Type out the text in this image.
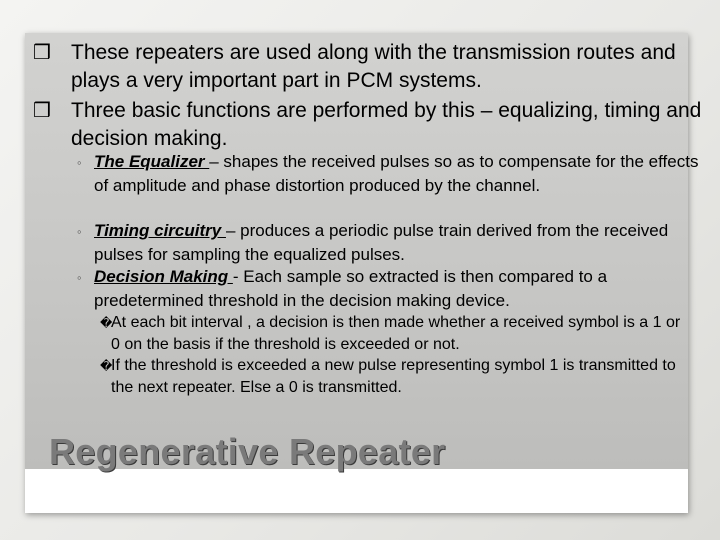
❒ These repeaters are used along with the transmission routes and plays a very important part in PCM systems.
❒ Three basic functions are performed by this – equalizing, timing and decision making.
◦ The Equalizer – shapes the received pulses so as to compensate for the effects of amplitude and phase distortion produced by the channel.
◦ Timing circuitry – produces a periodic pulse train derived from the received pulses for sampling the equalized pulses.
◦ Decision Making - Each sample so extracted is then compared to a predetermined threshold in the decision making device.
�At each bit interval , a decision is then made whether a received symbol is a 1 or 0 on the basis if the threshold is exceeded or not.
�If the threshold is exceeded a new pulse representing symbol 1 is transmitted to the next repeater. Else a 0 is transmitted.
Regenerative Repeater
